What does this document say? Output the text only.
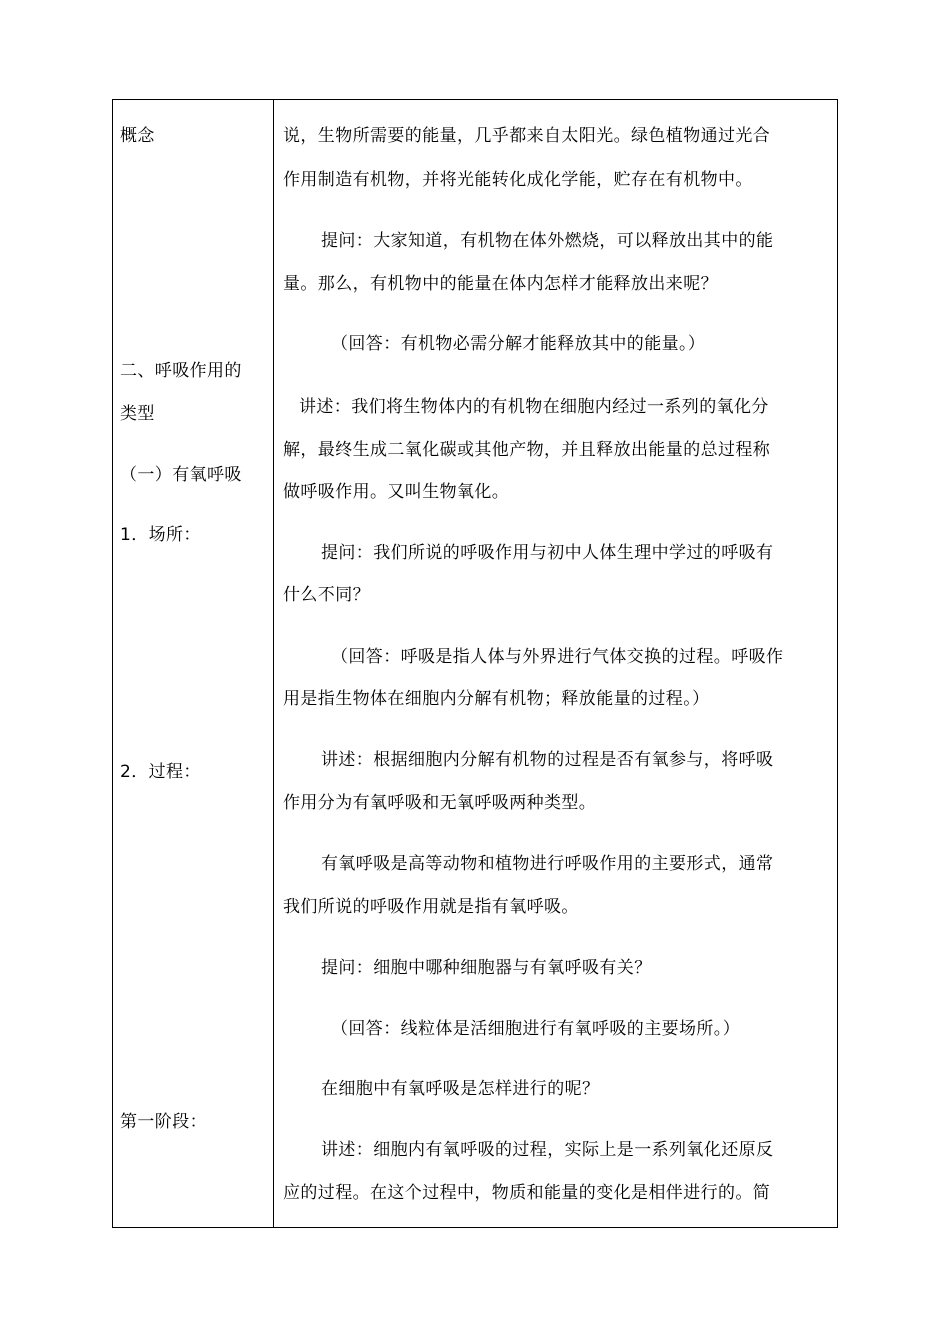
概念
二、呼吸作用的
类型
（一）有氧呼吸
1．场所：
2．过程：
第一阶段：
说，生物所需要的能量，几乎都来自太阳光。绿色植物通过光合
作用制造有机物，并将光能转化成化学能，贮存在有机物中。
提问：大家知道，有机物在体外燃烧，可以释放出其中的能
量。那么，有机物中的能量在体内怎样才能释放出来呢？
（回答：有机物必需分解才能释放其中的能量。）
讲述：我们将生物体内的有机物在细胞内经过一系列的氧化分
解，最终生成二氧化碳或其他产物，并且释放出能量的总过程称
做呼吸作用。又叫生物氧化。
提问：我们所说的呼吸作用与初中人体生理中学过的呼吸有
什么不同？
（回答：呼吸是指人体与外界进行气体交换的过程。呼吸作
用是指生物体在细胞内分解有机物；释放能量的过程。）
讲述：根据细胞内分解有机物的过程是否有氧参与，将呼吸
作用分为有氧呼吸和无氧呼吸两种类型。
有氧呼吸是高等动物和植物进行呼吸作用的主要形式，通常
我们所说的呼吸作用就是指有氧呼吸。
提问：细胞中哪种细胞器与有氧呼吸有关？
（回答：线粒体是活细胞进行有氧呼吸的主要场所。）
在细胞中有氧呼吸是怎样进行的呢？
讲述：细胞内有氧呼吸的过程，实际上是一系列氧化还原反
应的过程。在这个过程中，物质和能量的变化是相伴进行的。简
